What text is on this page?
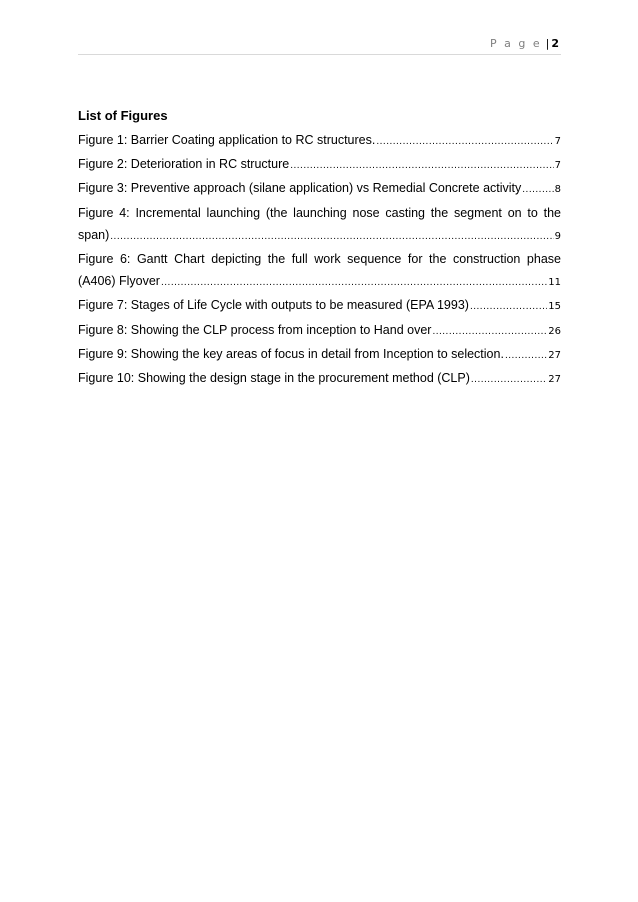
P a g e | 2
List of Figures
Figure 1: Barrier Coating application to RC structures. .....	7
Figure 2: Deterioration in RC structure .....	7
Figure 3: Preventive approach (silane application) vs Remedial Concrete activity .....	8
Figure 4: Incremental launching (the launching nose casting the segment on to the
span) .....	9
Figure 6: Gantt Chart depicting the full work sequence for the construction phase
(A406) Flyover .....	11
Figure 7: Stages of Life Cycle with outputs to be measured (EPA 1993) .....	15
Figure 8: Showing the CLP process from inception to Hand over .....	26
Figure 9: Showing the key areas of focus in detail from Inception to selection. .....	27
Figure 10: Showing the design stage in the procurement method (CLP) .....	27
